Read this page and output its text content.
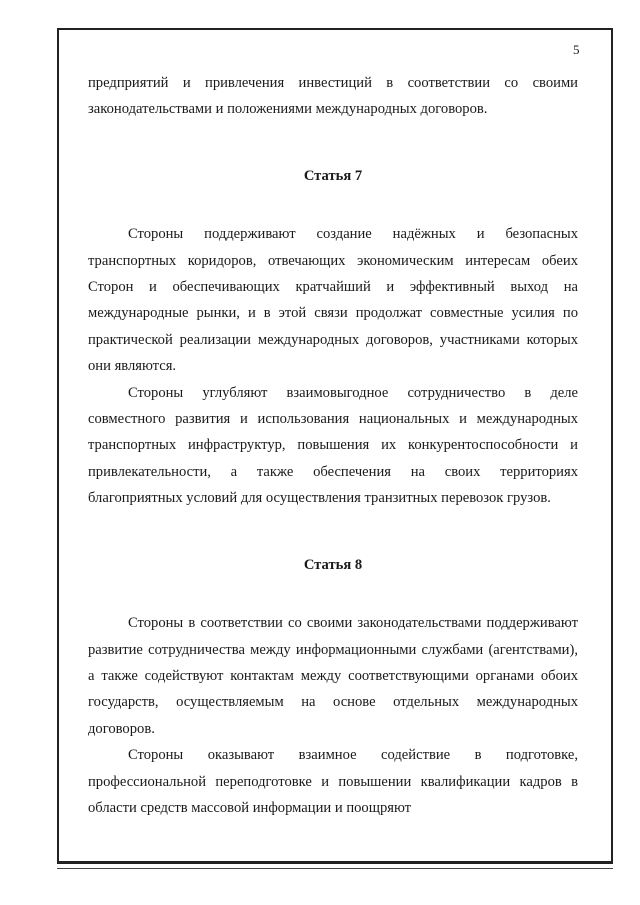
5

предприятий и привлечения инвестиций в соответствии со своими законодательствами и положениями международных договоров.

Статья 7

Стороны поддерживают создание надёжных и безопасных транспортных коридоров, отвечающих экономическим интересам обеих Сторон и обеспечивающих кратчайший и эффективный выход на международные рынки, и в этой связи продолжат совместные усилия по практической реализации международных договоров, участниками которых они являются.

Стороны углубляют взаимовыгодное сотрудничество в деле совместного развития и использования национальных и международных транспортных инфраструктур, повышения их конкурентоспособности и привлекательности, а также обеспечения на своих территориях благоприятных условий для осуществления транзитных перевозок грузов.

Статья 8

Стороны в соответствии со своими законодательствами поддерживают развитие сотрудничества между информационными службами (агентствами), а также содействуют контактам между соответствующими органами обоих государств, осуществляемым на основе отдельных международных договоров.

Стороны оказывают взаимное содействие в подготовке, профессиональной переподготовке и повышении квалификации кадров в области средств массовой информации и поощряют
